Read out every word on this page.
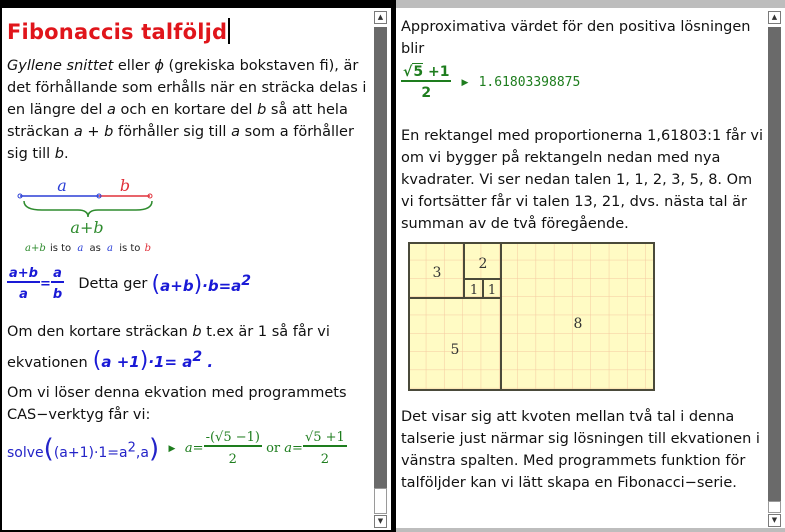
Fibonaccis talföljd
Gyllene snittet eller ϕ (grekiska bokstaven fi), är det förhållande som erhålls när en sträcka delas i en längre del a och en kortare del b så att hela sträckan a + b förhåller sig till a som a förhåller sig till b.
a	b
a+b
a+b is to a as a is to b
$\frac{a+b}{a} = \frac{a}{b}$ Detta ger $(a+b)\cdot b=a^2$
Om den kortare sträckan b t.ex är 1 så får vi
ekvationen $(a +1)\cdot 1= a^2$ .
Om vi löser denna ekvation med programmets CAS−verktyg får vi:
$solve((a+1)\cdot 1=a^2,a)$ ▶ $a= \frac{-(√5 -1)}{2}$ or $a= \frac{√5 +1}{2}$
▲
▼
Approximativa värdet för den positiva lösningen blir
$\frac{√5 +1}{2}$ ▶ 1.61803398875
En rektangel med proportionerna 1,61803:1 får vi om vi bygger på rektangeln nedan med nya kvadrater. Vi ser nedan talen 1, 1, 2, 3, 5, 8. Om vi fortsätter får vi talen 13, 21, dvs. nästa tal är summan av de två föregående.
3
2
1 1
5
8
Det visar sig att kvoten mellan två tal i denna talserie just närmar sig lösningen till ekvationen i vänstra spalten. Med programmets funktion för talföljder kan vi lätt skapa en Fibonacci−serie.
▲
▼
